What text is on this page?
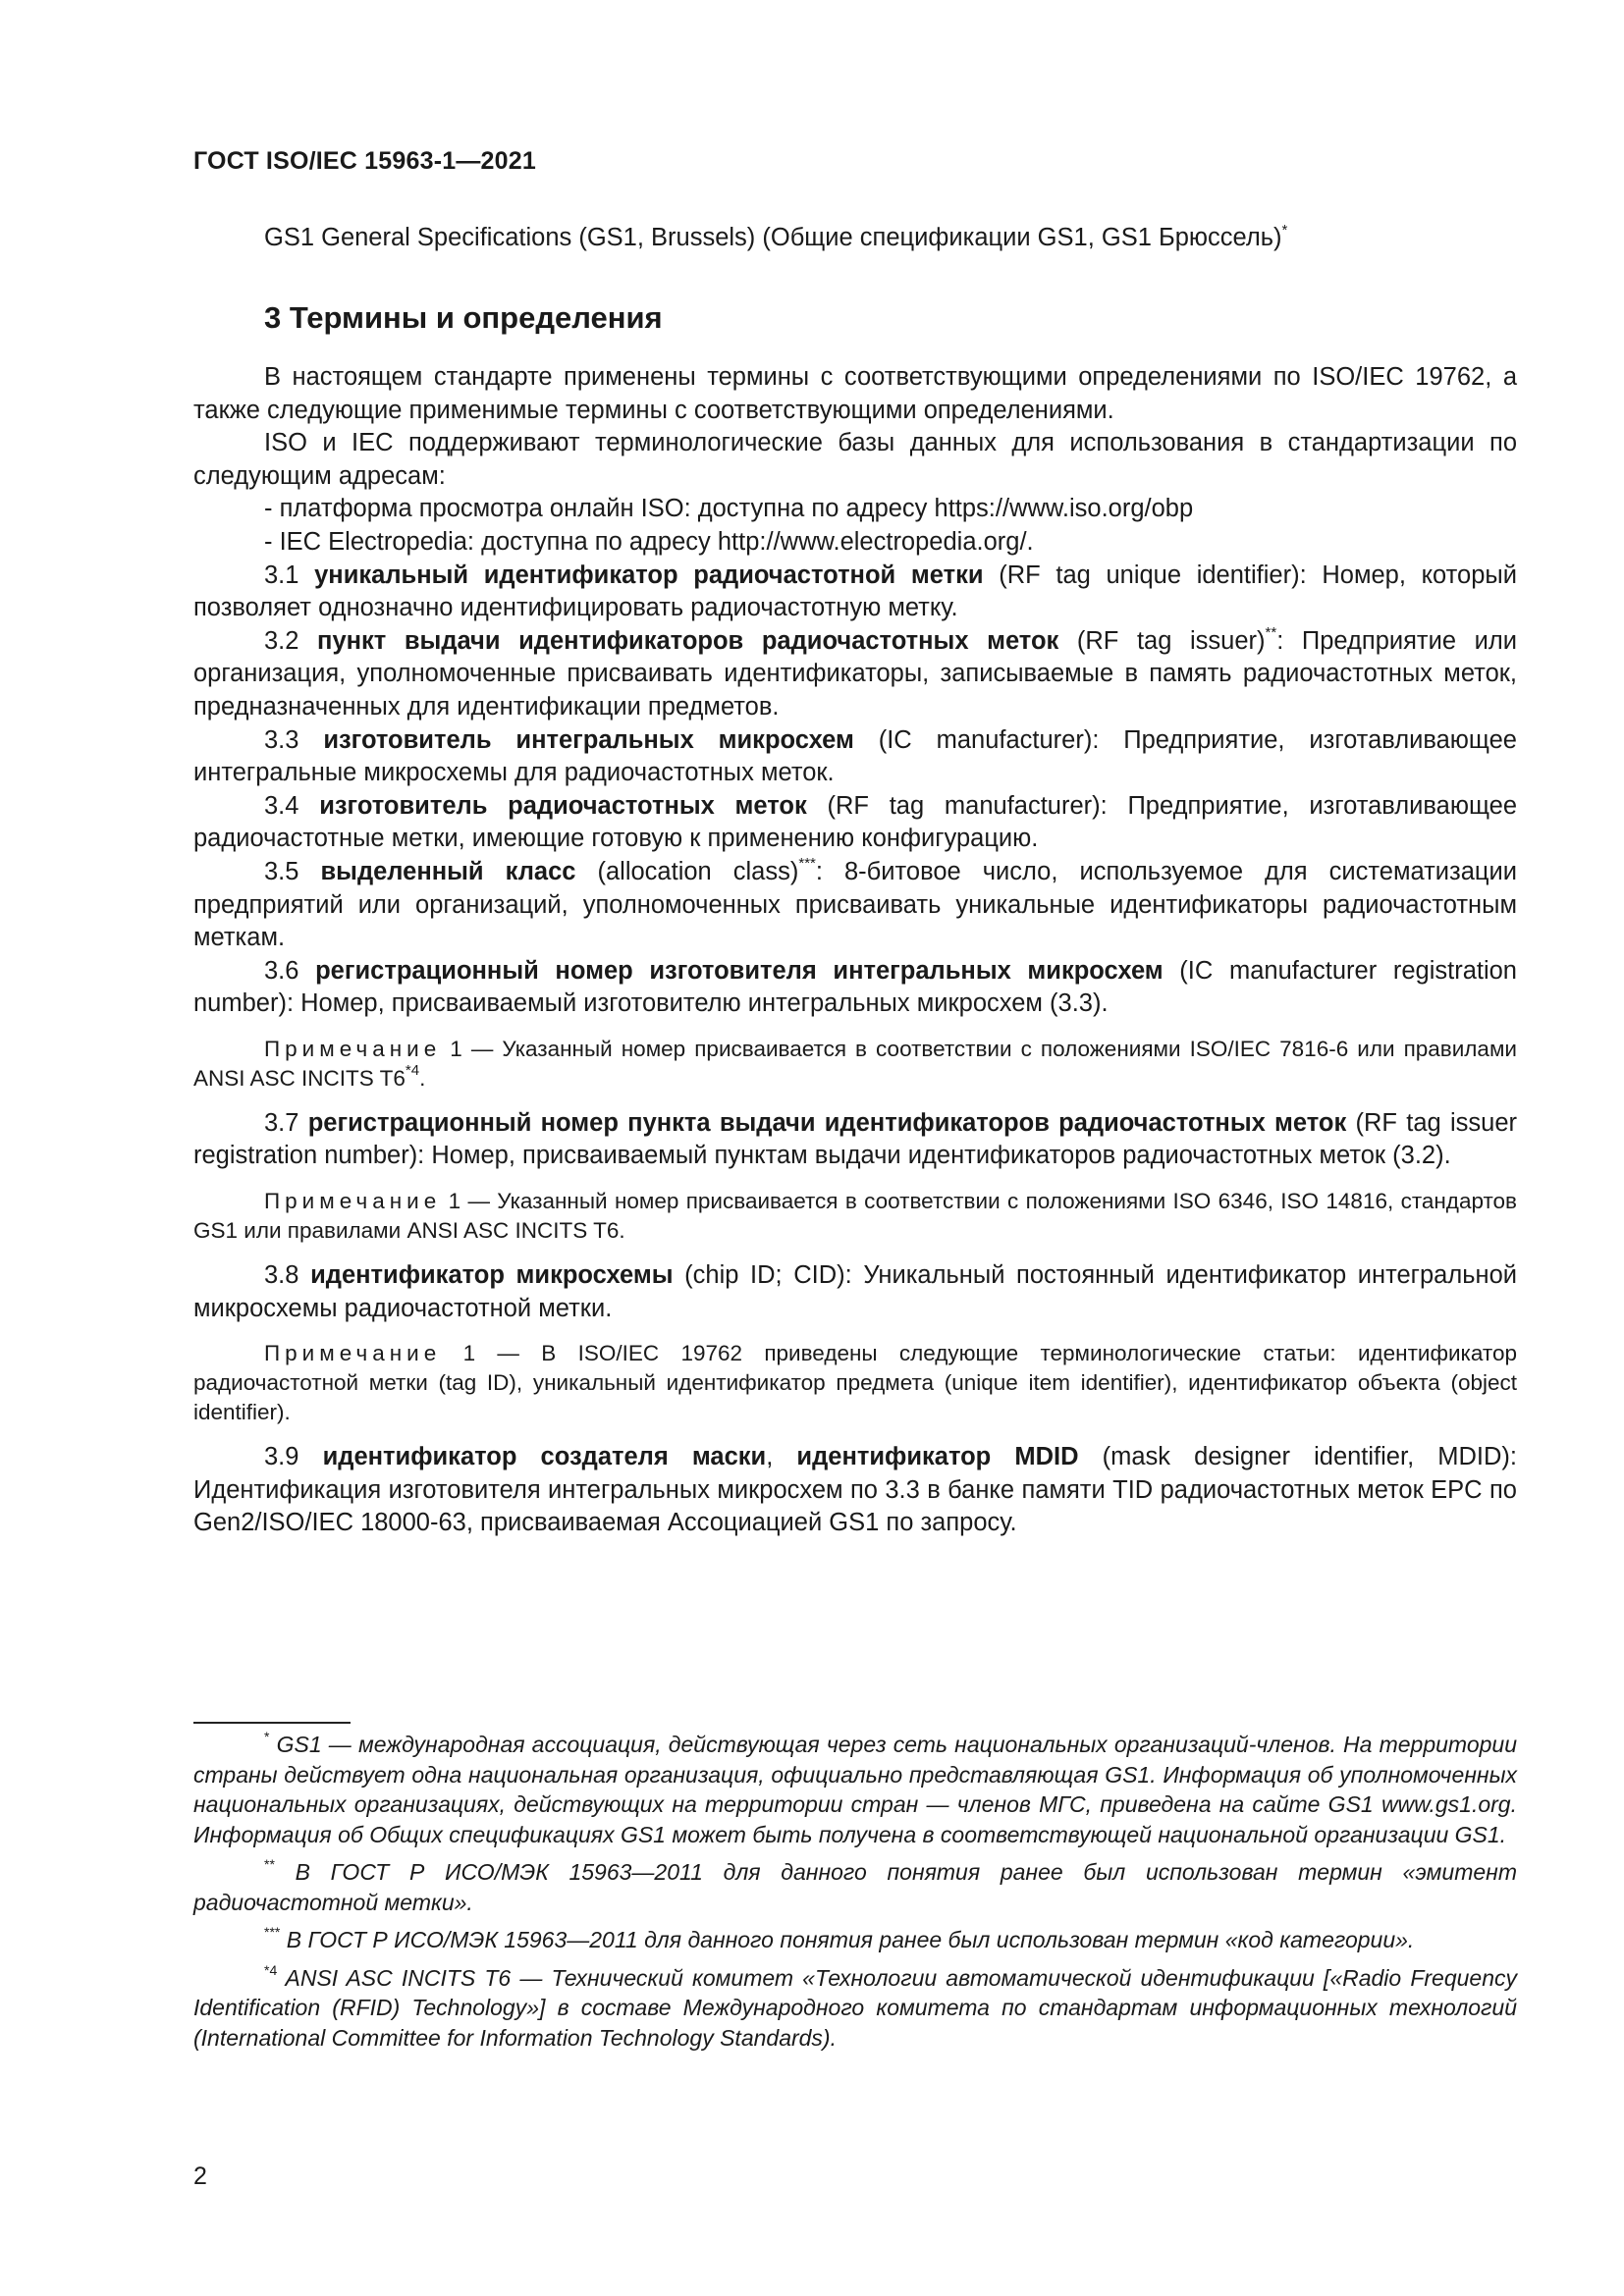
ГОСТ ISO/IEC 15963-1—2021

GS1 General Specifications (GS1, Brussels) (Общие спецификации GS1, GS1 Брюссель)*

3 Термины и определения

В настоящем стандарте применены термины с соответствующими определениями по ISO/IEC 19762, а также следующие применимые термины с соответствующими определениями.

ISO и IEC поддерживают терминологические базы данных для использования в стандартизации по следующим адресам:

- платформа просмотра онлайн ISO: доступна по адресу https://www.iso.org/obp

- IEC Electropedia: доступна по адресу http://www.electropedia.org/.

3.1 уникальный идентификатор радиочастотной метки (RF tag unique identifier): Номер, который позволяет однозначно идентифицировать радиочастотную метку.

3.2 пункт выдачи идентификаторов радиочастотных меток (RF tag issuer)**: Предприятие или организация, уполномоченные присваивать идентификаторы, записываемые в память радиочастотных меток, предназначенных для идентификации предметов.

3.3 изготовитель интегральных микросхем (IC manufacturer): Предприятие, изготавливающее интегральные микросхемы для радиочастотных меток.

3.4 изготовитель радиочастотных меток (RF tag manufacturer): Предприятие, изготавливающее радиочастотные метки, имеющие готовую к применению конфигурацию.

3.5 выделенный класс (allocation class)***: 8-битовое число, используемое для систематизации предприятий или организаций, уполномоченных присваивать уникальные идентификаторы радиочастотным меткам.

3.6 регистрационный номер изготовителя интегральных микросхем (IC manufacturer registration number): Номер, присваиваемый изготовителю интегральных микросхем (3.3).

Примечание 1 — Указанный номер присваивается в соответствии с положениями ISO/IEC 7816-6 или правилами ANSI ASC INCITS T6$^{*4}$.

3.7 регистрационный номер пункта выдачи идентификаторов радиочастотных меток (RF tag issuer registration number): Номер, присваиваемый пунктам выдачи идентификаторов радиочастотных меток (3.2).

Примечание 1 — Указанный номер присваивается в соответствии с положениями ISO 6346, ISO 14816, стандартов GS1 или правилами ANSI ASC INCITS T6.

3.8 идентификатор микросхемы (chip ID; CID): Уникальный постоянный идентификатор интегральной микросхемы радиочастотной метки.

Примечание 1 — В ISO/IEC 19762 приведены следующие терминологические статьи: идентификатор радиочастотной метки (tag ID), уникальный идентификатор предмета (unique item identifier), идентификатор объекта (object identifier).

3.9 идентификатор создателя маски, идентификатор MDID (mask designer identifier, MDID): Идентификация изготовителя интегральных микросхем по 3.3 в банке памяти TID радиочастотных меток EPC по Gen2/ISO/IEC 18000-63, присваиваемая Ассоциацией GS1 по запросу.

* GS1 — международная ассоциация, действующая через сеть национальных организаций-членов. На территории страны действует одна национальная организация, официально представляющая GS1. Информация об уполномоченных национальных организациях, действующих на территории стран — членов МГС, приведена на сайте GS1 www.gs1.org. Информация об Общих спецификациях GS1 может быть получена в соответствующей национальной организации GS1.

** В ГОСТ Р ИСО/МЭК 15963—2011 для данного понятия ранее был использован термин «эмитент радиочастотной метки».

*** В ГОСТ Р ИСО/МЭК 15963—2011 для данного понятия ранее был использован термин «код категории».

$^{*4}$ ANSI ASC INCITS T6 — Технический комитет «Технологии автоматической идентификации [«Radio Frequency Identification (RFID) Technology»] в составе Международного комитета по стандартам информационных технологий (International Committee for Information Technology Standards).

2
